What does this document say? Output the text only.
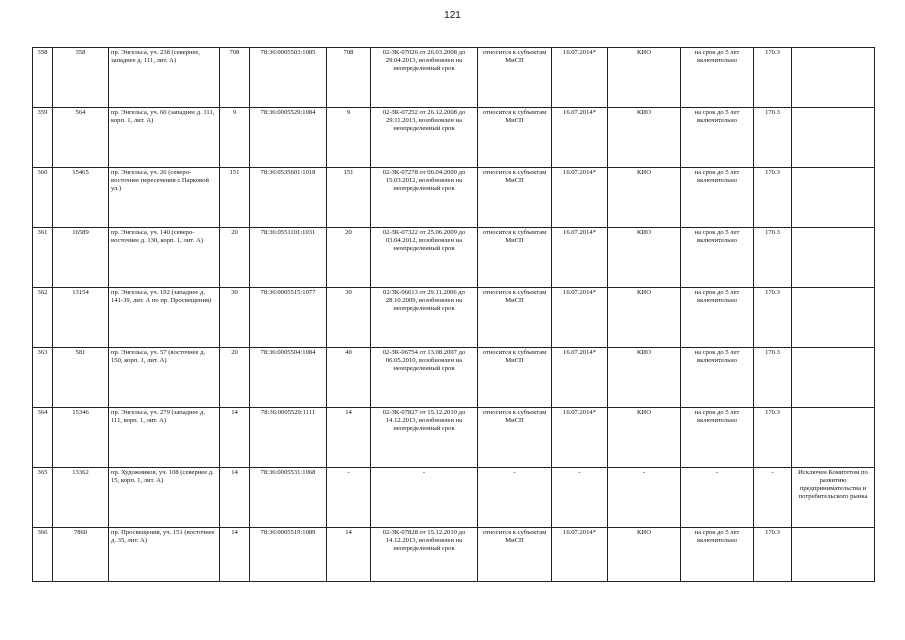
121
358	358	пр. Энгельса, уч. 238 (севернее, западнее д. 111, лит. А)	708	78:36:0005503:1085	708	02-ЗК-07026 от 26.03.2008 до 29.04.2013, возобновлен на неопределенный срок	относится к субъектам МиСП	16.07.2014*	КИО	на срок до 5 лет включительно	170.3	
359	564	пр. Энгельса, уч. 60 (западнее д. 111, корп. 1, лит. А)	9	78:36:0005529:1084	9	02-ЗК-07252 от 26.12.2008 до 29.11.2013, возобновлен на неопределенный срок	относится к субъектам МиСП	16.07.2014*	КИО	на срок до 5 лет включительно	170.3	
360	15465	пр. Энгельса, уч. 26 (северо-восточнее пересечения с Парковой ул.)	151	78:36:0535601:1018	151	02-ЗК-07278 от 06.04.2009 до 15.03.2012, возобновлен на неопределенный срок	относится к субъектам МиСП	16.07.2014*	КИО	на срок до 5 лет включительно	170.3	
361	16589	пр. Энгельса, уч. 140 (северо-восточнее д. 130, корп. 1, лит. А)	20	78:36:0551101:1031	20	02-ЗК-07322 от 25.06.2009 до 03.04.2012, возобновлен на неопределенный срок	относится к субъектам МиСП	16.07.2014*	КИО	на срок до 5 лет включительно	170.3	
362	13154	пр. Энгельса, уч. 192 (западнее д. 141-39, лит. А по пр. Просвещения)	30	78:36:0005515:1077	30	02/ЗК-06613 от 29.11.2006 до 28.10.2009, возобновлен на неопределенный срок	относится к субъектам МиСП	16.07.2014*	КИО	на срок до 5 лет включительно	170.3	
363	581	пр. Энгельса, уч. 57 (восточнее д. 150, корп. 1, лит. А)	20	78:36:0005504:1084	40	02-ЗК-06754 от 13.08.2007 до 06.05.2010, возобновлен на неопределенный срок	относится к субъектам МиСП	16.07.2014*	КИО	на срок до 5 лет включительно	170.3	
364	15346	пр. Энгельса, уч. 279 (западнее д. 111, корп. 1, лит. А)	14	78:36:0005529:1111	14	02-ЗК-07827 от 15.12.2010 до 14.12.2013, возобновлен на неопределенный срок	относится к субъектам МиСП	16.07.2014*	КИО	на срок до 5 лет включительно	170.3	
365	13362	пр. Художников, уч. 108 (севернее д. 15, корп. 1, лит. А)	14	78:36:0005531:1068	-	-	-	-	-	-	-	Исключен Комитетом по развитию предпринимательства и потребительского рынка
366	7860	пр. Просвещения, уч. 151 (восточнее д. 35, лит. А)	14	78:36:0005519:1089	14	02-ЗК-07828 от 15.12.2010 до 14.12.2013, возобновлен на неопределенный срок	относится к субъектам МиСП	16.07.2014*	КИО	на срок до 5 лет включительно	170.3	
